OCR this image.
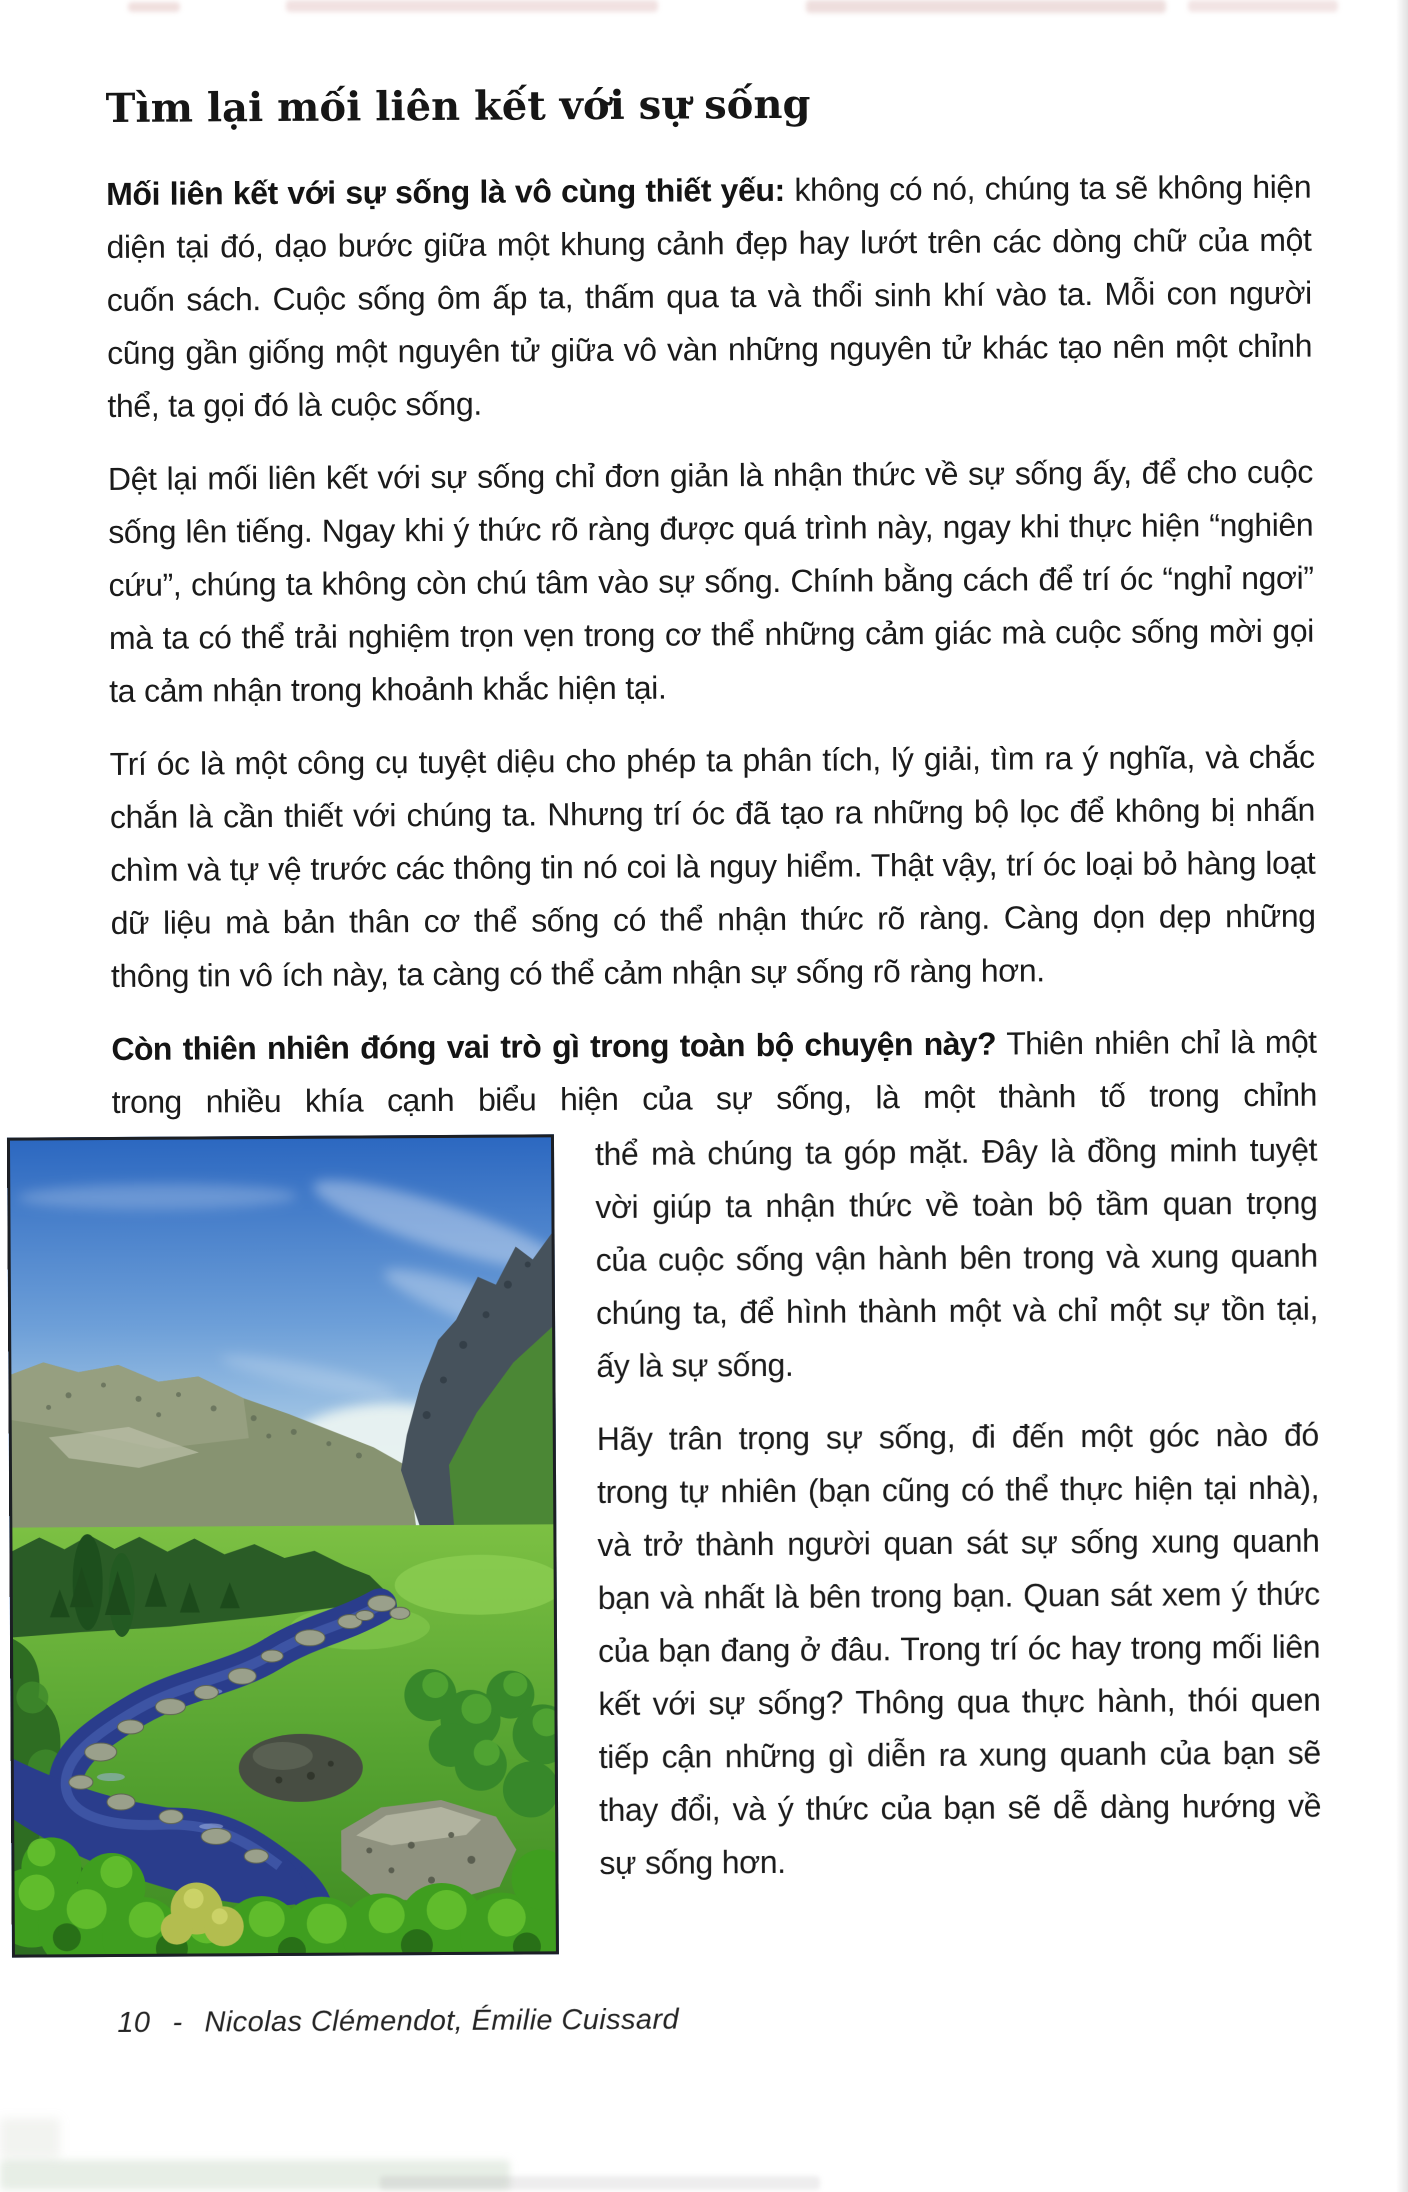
Tìm lại mối liên kết với sự sống

Mối liên kết với sự sống là vô cùng thiết yếu: không có nó, chúng ta sẽ không hiện diện tại đó, dạo bước giữa một khung cảnh đẹp hay lướt trên các dòng chữ của một cuốn sách. Cuộc sống ôm ấp ta, thấm qua ta và thổi sinh khí vào ta. Mỗi con người cũng gần giống một nguyên tử giữa vô vàn những nguyên tử khác tạo nên một chỉnh thể, ta gọi đó là cuộc sống.

Dệt lại mối liên kết với sự sống chỉ đơn giản là nhận thức về sự sống ấy, để cho cuộc sống lên tiếng. Ngay khi ý thức rõ ràng được quá trình này, ngay khi thực hiện “nghiên cứu”, chúng ta không còn chú tâm vào sự sống. Chính bằng cách để trí óc “nghỉ ngơi” mà ta có thể trải nghiệm trọn vẹn trong cơ thể những cảm giác mà cuộc sống mời gọi ta cảm nhận trong khoảnh khắc hiện tại.

Trí óc là một công cụ tuyệt diệu cho phép ta phân tích, lý giải, tìm ra ý nghĩa, và chắc chắn là cần thiết với chúng ta. Nhưng trí óc đã tạo ra những bộ lọc để không bị nhấn chìm và tự vệ trước các thông tin nó coi là nguy hiểm. Thật vậy, trí óc loại bỏ hàng loạt dữ liệu mà bản thân cơ thể sống có thể nhận thức rõ ràng. Càng dọn dẹp những thông tin vô ích này, ta càng có thể cảm nhận sự sống rõ ràng hơn.

Còn thiên nhiên đóng vai trò gì trong toàn bộ chuyện này? Thiên nhiên chỉ là một trong nhiều khía cạnh biểu hiện của sự sống, là một thành tố trong chỉnh

thể mà chúng ta góp mặt. Đây là đồng minh tuyệt vời giúp ta nhận thức về toàn bộ tầm quan trọng của cuộc sống vận hành bên trong và xung quanh chúng ta, để hình thành một và chỉ một sự tồn tại, ấy là sự sống.

Hãy trân trọng sự sống, đi đến một góc nào đó trong tự nhiên (bạn cũng có thể thực hiện tại nhà), và trở thành người quan sát sự sống xung quanh bạn và nhất là bên trong bạn. Quan sát xem ý thức của bạn đang ở đâu. Trong trí óc hay trong mối liên kết với sự sống? Thông qua thực hành, thói quen tiếp cận những gì diễn ra xung quanh của bạn sẽ thay đổi, và ý thức của bạn sẽ dễ dàng hướng về sự sống hơn.

10 - Nicolas Clémendot, Émilie Cuissard
